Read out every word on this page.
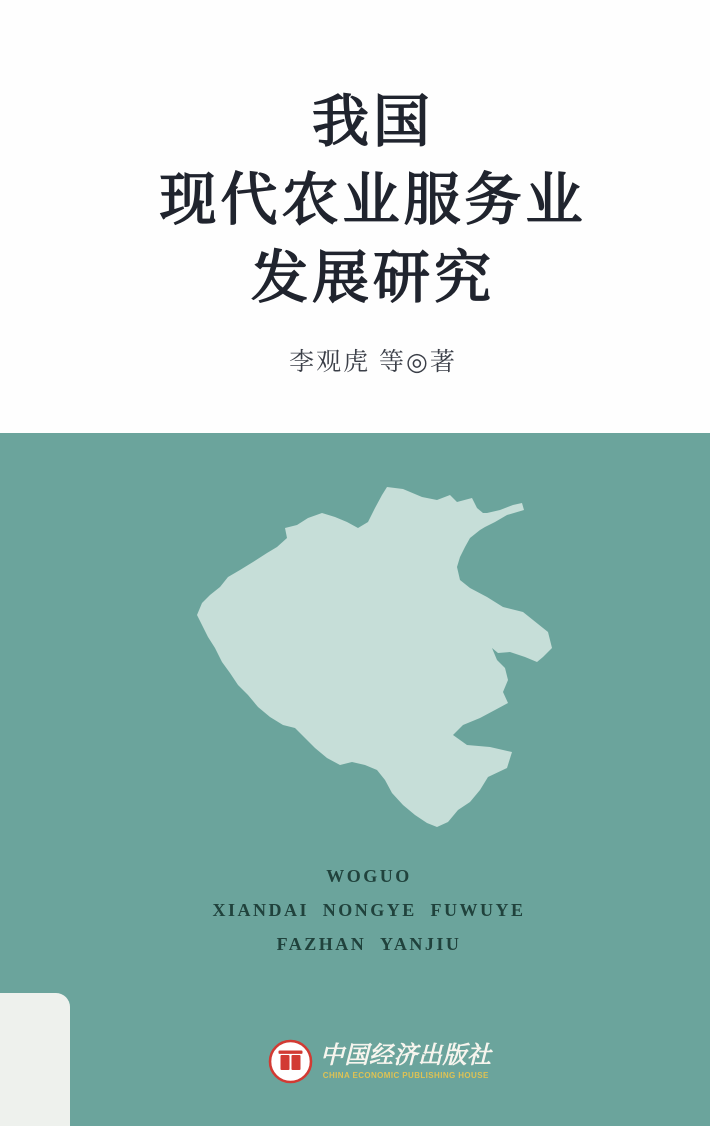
我国
现代农业服务业
发展研究
李观虎 等◎著
woguo
xiandai nongye fuwuye
fazhan yanjiu
中国经济出版社
CHINA ECONOMIC PUBLISHING HOUSE
